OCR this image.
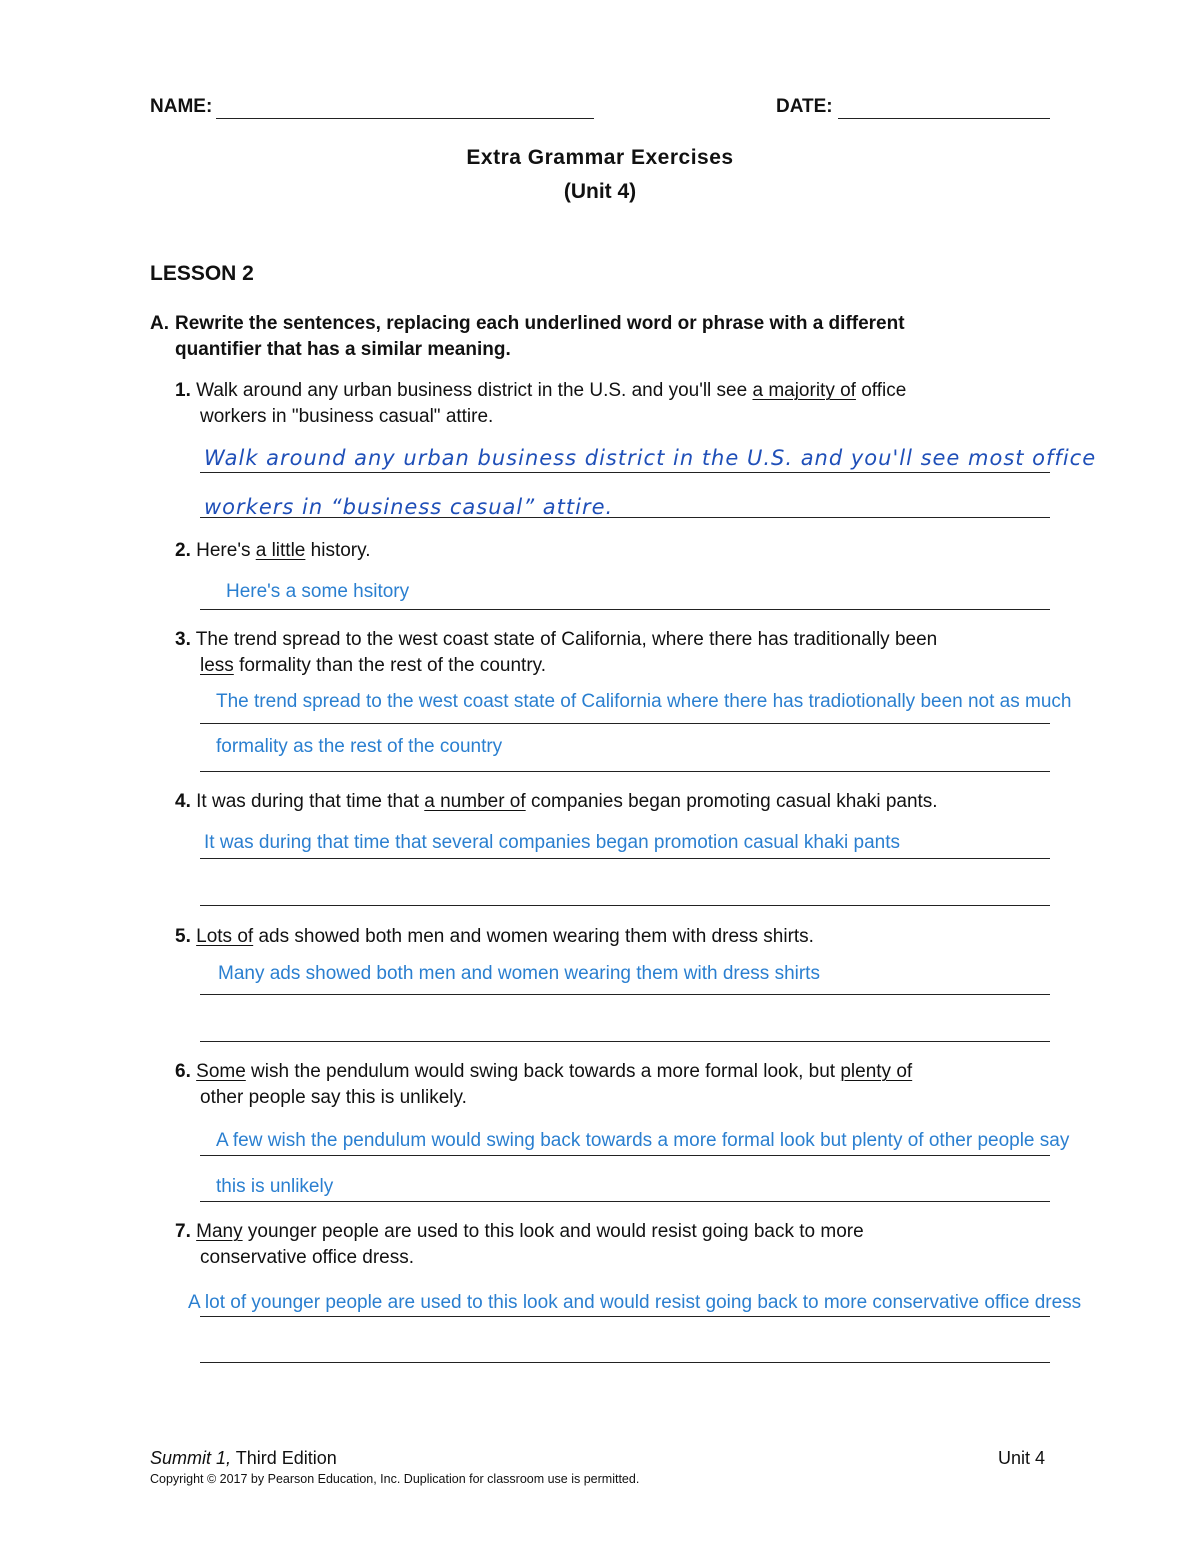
NAME:	DATE:
Extra Grammar Exercises
(Unit 4)
LESSON 2
A. Rewrite the sentences, replacing each underlined word or phrase with a different
quantifier that has a similar meaning.
1. Walk around any urban business district in the U.S. and you'll see a majority of office
workers in "business casual" attire.
Walk around any urban business district in the U.S. and you'll see most office
workers in “business casual” attire.
2. Here's a little history.
Here's a some hsitory
3. The trend spread to the west coast state of California, where there has traditionally been
less formality than the rest of the country.
The trend spread to the west coast state of California where there has tradiotionally been not as much
formality as the rest of the country
4. It was during that time that a number of companies began promoting casual khaki pants.
It was during that time that several companies began promotion casual khaki pants
5. Lots of ads showed both men and women wearing them with dress shirts.
Many ads showed both men and women wearing them with dress shirts
6. Some wish the pendulum would swing back towards a more formal look, but plenty of
other people say this is unlikely.
A few wish the pendulum would swing back towards a more formal look but plenty of other people say
this is unlikely
7. Many younger people are used to this look and would resist going back to more
conservative office dress.
A lot of younger people are used to this look and would resist going back to more conservative office dress
Summit 1, Third Edition	Unit 4
Copyright © 2017 by Pearson Education, Inc. Duplication for classroom use is permitted.
